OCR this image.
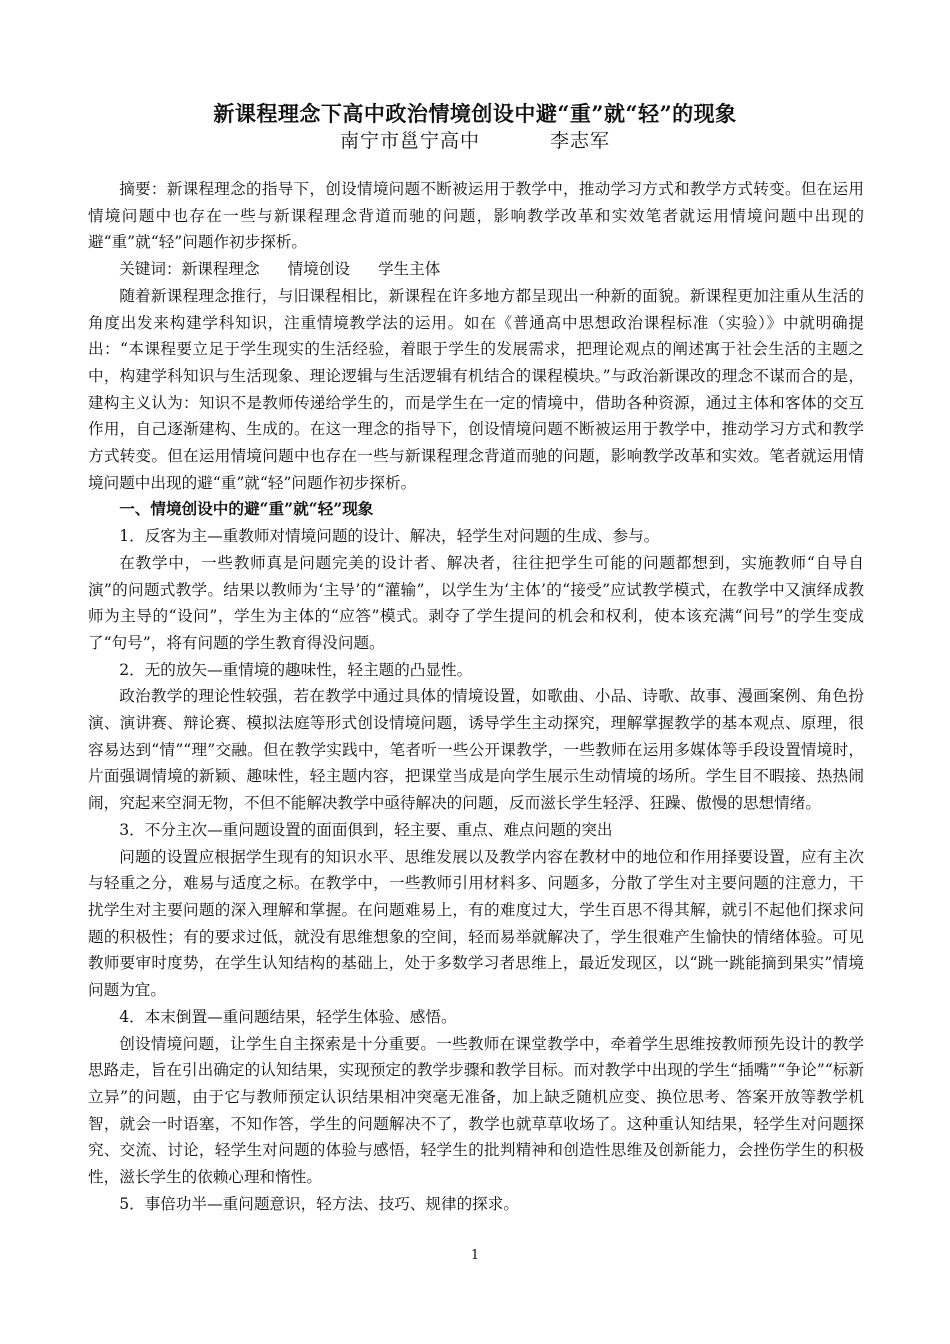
新课程理念下高中政治情境创设中避“重”就“轻”的现象
南宁市邕宁高中	李志军

摘要：新课程理念的指导下，创设情境问题不断被运用于教学中，推动学习方式和教学方式转变。但在运用情境问题中也存在一些与新课程理念背道而驰的问题，影响教学改革和实效笔者就运用情境问题中出现的避“重”就“轻”问题作初步探析。

关键词：新课程理念 情境创设 学生主体

随着新课程理念推行，与旧课程相比，新课程在许多地方都呈现出一种新的面貌。新课程更加注重从生活的角度出发来构建学科知识，注重情境教学法的运用。如在《普通高中思想政治课程标准（实验）》中就明确提出：“本课程要立足于学生现实的生活经验，着眼于学生的发展需求，把理论观点的阐述寓于社会生活的主题之中，构建学科知识与生活现象、理论逻辑与生活逻辑有机结合的课程模块。”与政治新课改的理念不谋而合的是，建构主义认为：知识不是教师传递给学生的，而是学生在一定的情境中，借助各种资源，通过主体和客体的交互作用，自己逐渐建构、生成的。在这一理念的指导下，创设情境问题不断被运用于教学中，推动学习方式和教学方式转变。但在运用情境问题中也存在一些与新课程理念背道而驰的问题，影响教学改革和实效。笔者就运用情境问题中出现的避“重”就“轻”问题作初步探析。

一、情境创设中的避“重”就“轻”现象

1．反客为主—重教师对情境问题的设计、解决，轻学生对问题的生成、参与。

在教学中，一些教师真是问题完美的设计者、解决者，往往把学生可能的问题都想到，实施教师“自导自演”的问题式教学。结果以教师为‘主导’的“灌输”，以学生为‘主体’的“接受”应试教学模式，在教学中又演绎成教师为主导的“设问”，学生为主体的“应答”模式。剥夺了学生提问的机会和权利，使本该充满“问号”的学生变成了“句号”，将有问题的学生教育得没问题。

2．无的放矢—重情境的趣味性，轻主题的凸显性。

政治教学的理论性较强，若在教学中通过具体的情境设置，如歌曲、小品、诗歌、故事、漫画案例、角色扮演、演讲赛、辩论赛、模拟法庭等形式创设情境问题，诱导学生主动探究，理解掌握教学的基本观点、原理，很容易达到“情”“理”交融。但在教学实践中，笔者听一些公开课教学，一些教师在运用多媒体等手段设置情境时，片面强调情境的新颖、趣味性，轻主题内容，把课堂当成是向学生展示生动情境的场所。学生目不暇接、热热闹闹，究起来空洞无物，不但不能解决教学中亟待解决的问题，反而滋长学生轻浮、狂躁、傲慢的思想情绪。

3．不分主次—重问题设置的面面俱到，轻主要、重点、难点问题的突出

问题的设置应根据学生现有的知识水平、思维发展以及教学内容在教材中的地位和作用择要设置，应有主次与轻重之分，难易与适度之标。在教学中，一些教师引用材料多、问题多，分散了学生对主要问题的注意力，干扰学生对主要问题的深入理解和掌握。在问题难易上，有的难度过大，学生百思不得其解，就引不起他们探求问题的积极性；有的要求过低，就没有思维想象的空间，轻而易举就解决了，学生很难产生愉快的情绪体验。可见教师要审时度势，在学生认知结构的基础上，处于多数学习者思维上，最近发现区，以“跳一跳能摘到果实”情境问题为宜。

4．本末倒置—重问题结果，轻学生体验、感悟。

创设情境问题，让学生自主探索是十分重要。一些教师在课堂教学中，牵着学生思维按教师预先设计的教学思路走，旨在引出确定的认知结果，实现预定的教学步骤和教学目标。而对教学中出现的学生“插嘴”“争论”“标新立异”的问题，由于它与教师预定认识结果相冲突毫无准备，加上缺乏随机应变、换位思考、答案开放等教学机智，就会一时语塞，不知作答，学生的问题解决不了，教学也就草草收场了。这种重认知结果，轻学生对问题探究、交流、讨论，轻学生对问题的体验与感悟，轻学生的批判精神和创造性思维及创新能力，会挫伤学生的积极性，滋长学生的依赖心理和惰性。

5．事倍功半—重问题意识，轻方法、技巧、规律的探求。

1
